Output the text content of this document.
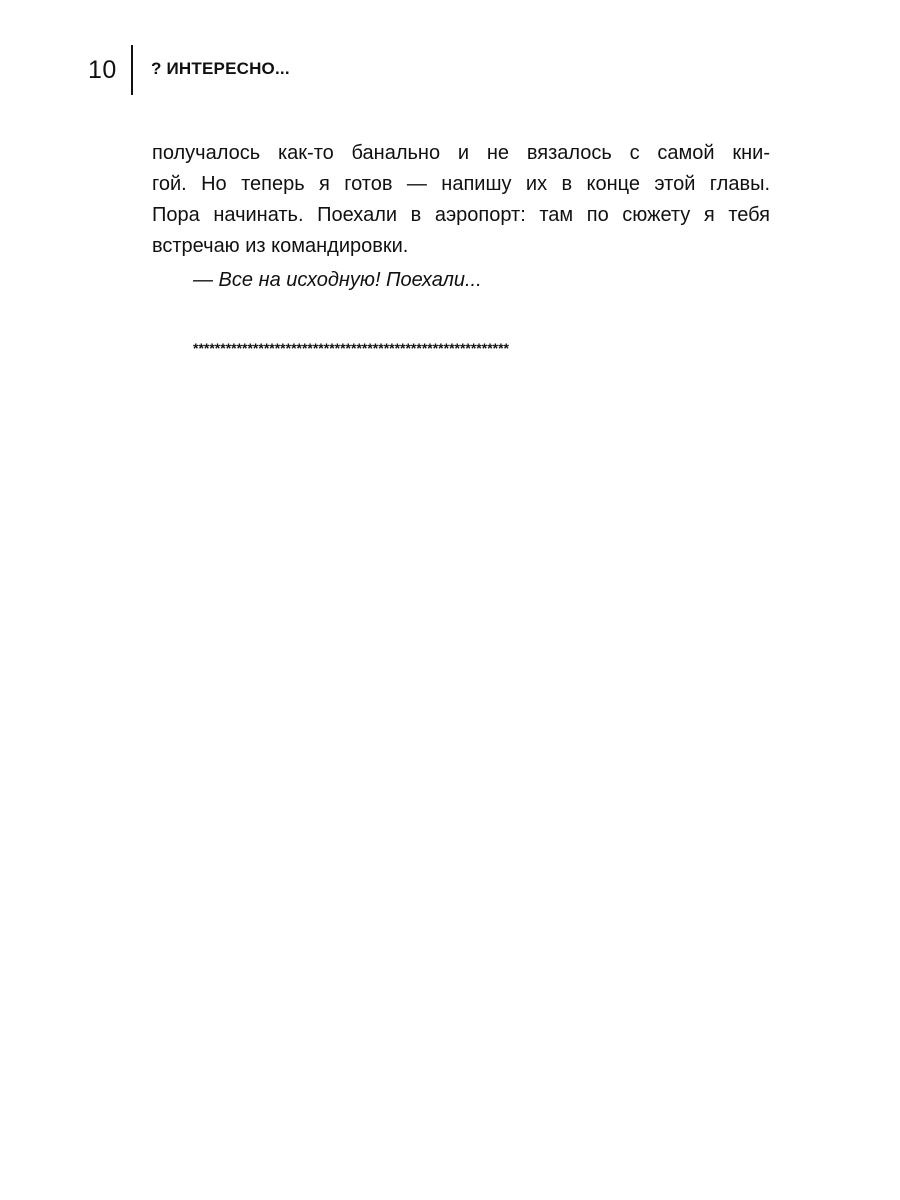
10	? ИНТЕРЕСНО...
получалось как-то банально и не вязалось с самой кни-
гой. Но теперь я готов — напишу их в конце этой главы.
Пора начинать. Поехали в аэропорт: там по сюжету я тебя
встречаю из командировки.
— Все на исходную! Поехали...
**********************************************************
